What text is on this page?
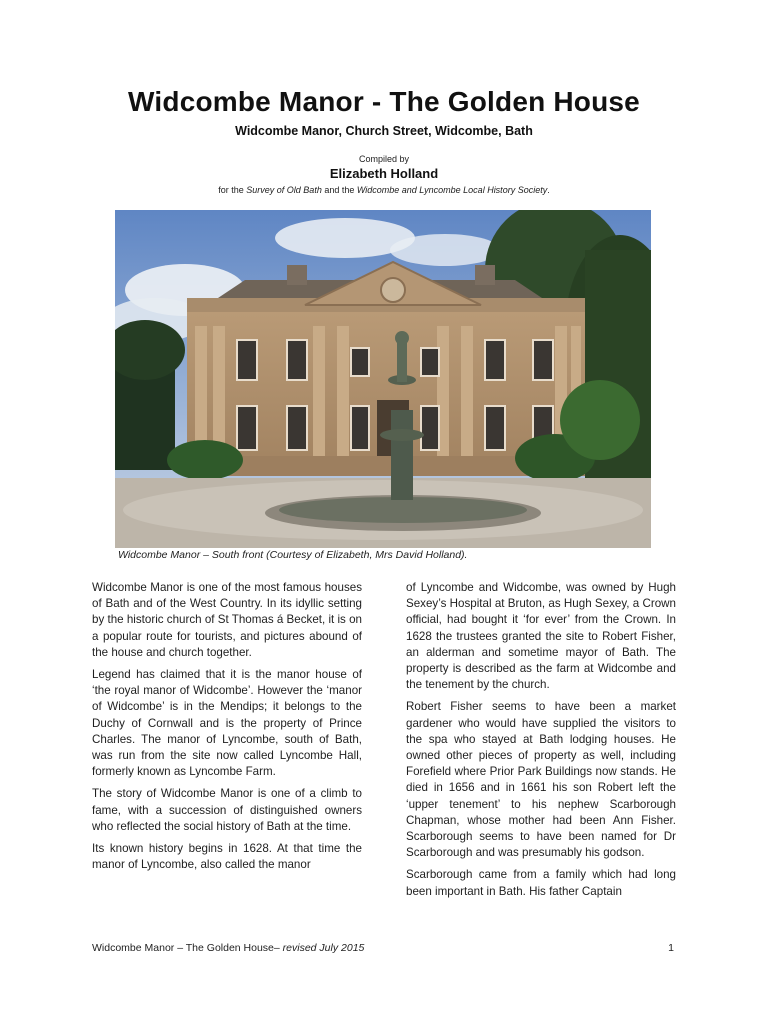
Widcombe Manor - The Golden House
Widcombe Manor, Church Street, Widcombe, Bath
Compiled by
Elizabeth Holland
for the Survey of Old Bath and the Widcombe and Lyncombe Local History Society.
Widcombe Manor – South front (Courtesy of Elizabeth, Mrs David Holland).

Widcombe Manor is one of the most famous houses of Bath and of the West Country. In its idyllic setting by the historic church of St Thomas á Becket, it is on a popular route for tourists, and pictures abound of the house and church together.

Legend has claimed that it is the manor house of ‘the royal manor of Widcombe’. However the ‘manor of Widcombe’ is in the Mendips; it belongs to the Duchy of Cornwall and is the property of Prince Charles. The manor of Lyncombe, south of Bath, was run from the site now called Lyncombe Hall, formerly known as Lyncombe Farm.

The story of Widcombe Manor is one of a climb to fame, with a succession of distinguished owners who reflected the social history of Bath at the time.

Its known history begins in 1628. At that time the manor of Lyncombe, also called the manor

of Lyncombe and Widcombe, was owned by Hugh Sexey’s Hospital at Bruton, as Hugh Sexey, a Crown official, had bought it ‘for ever’ from the Crown. In 1628 the trustees granted the site to Robert Fisher, an alderman and sometime mayor of Bath. The property is described as the farm at Widcombe and the tenement by the church.

Robert Fisher seems to have been a market gardener who would have supplied the visitors to the spa who stayed at Bath lodging houses. He owned other pieces of property as well, including Forefield where Prior Park Buildings now stands. He died in 1656 and in 1661 his son Robert left the ‘upper tenement’ to his nephew Scarborough Chapman, whose mother had been Ann Fisher. Scarborough seems to have been named for Dr Scarborough and was presumably his godson.

Scarborough came from a family which had long been important in Bath. His father Captain

Widcombe Manor – The Golden House– revised July 2015	1
